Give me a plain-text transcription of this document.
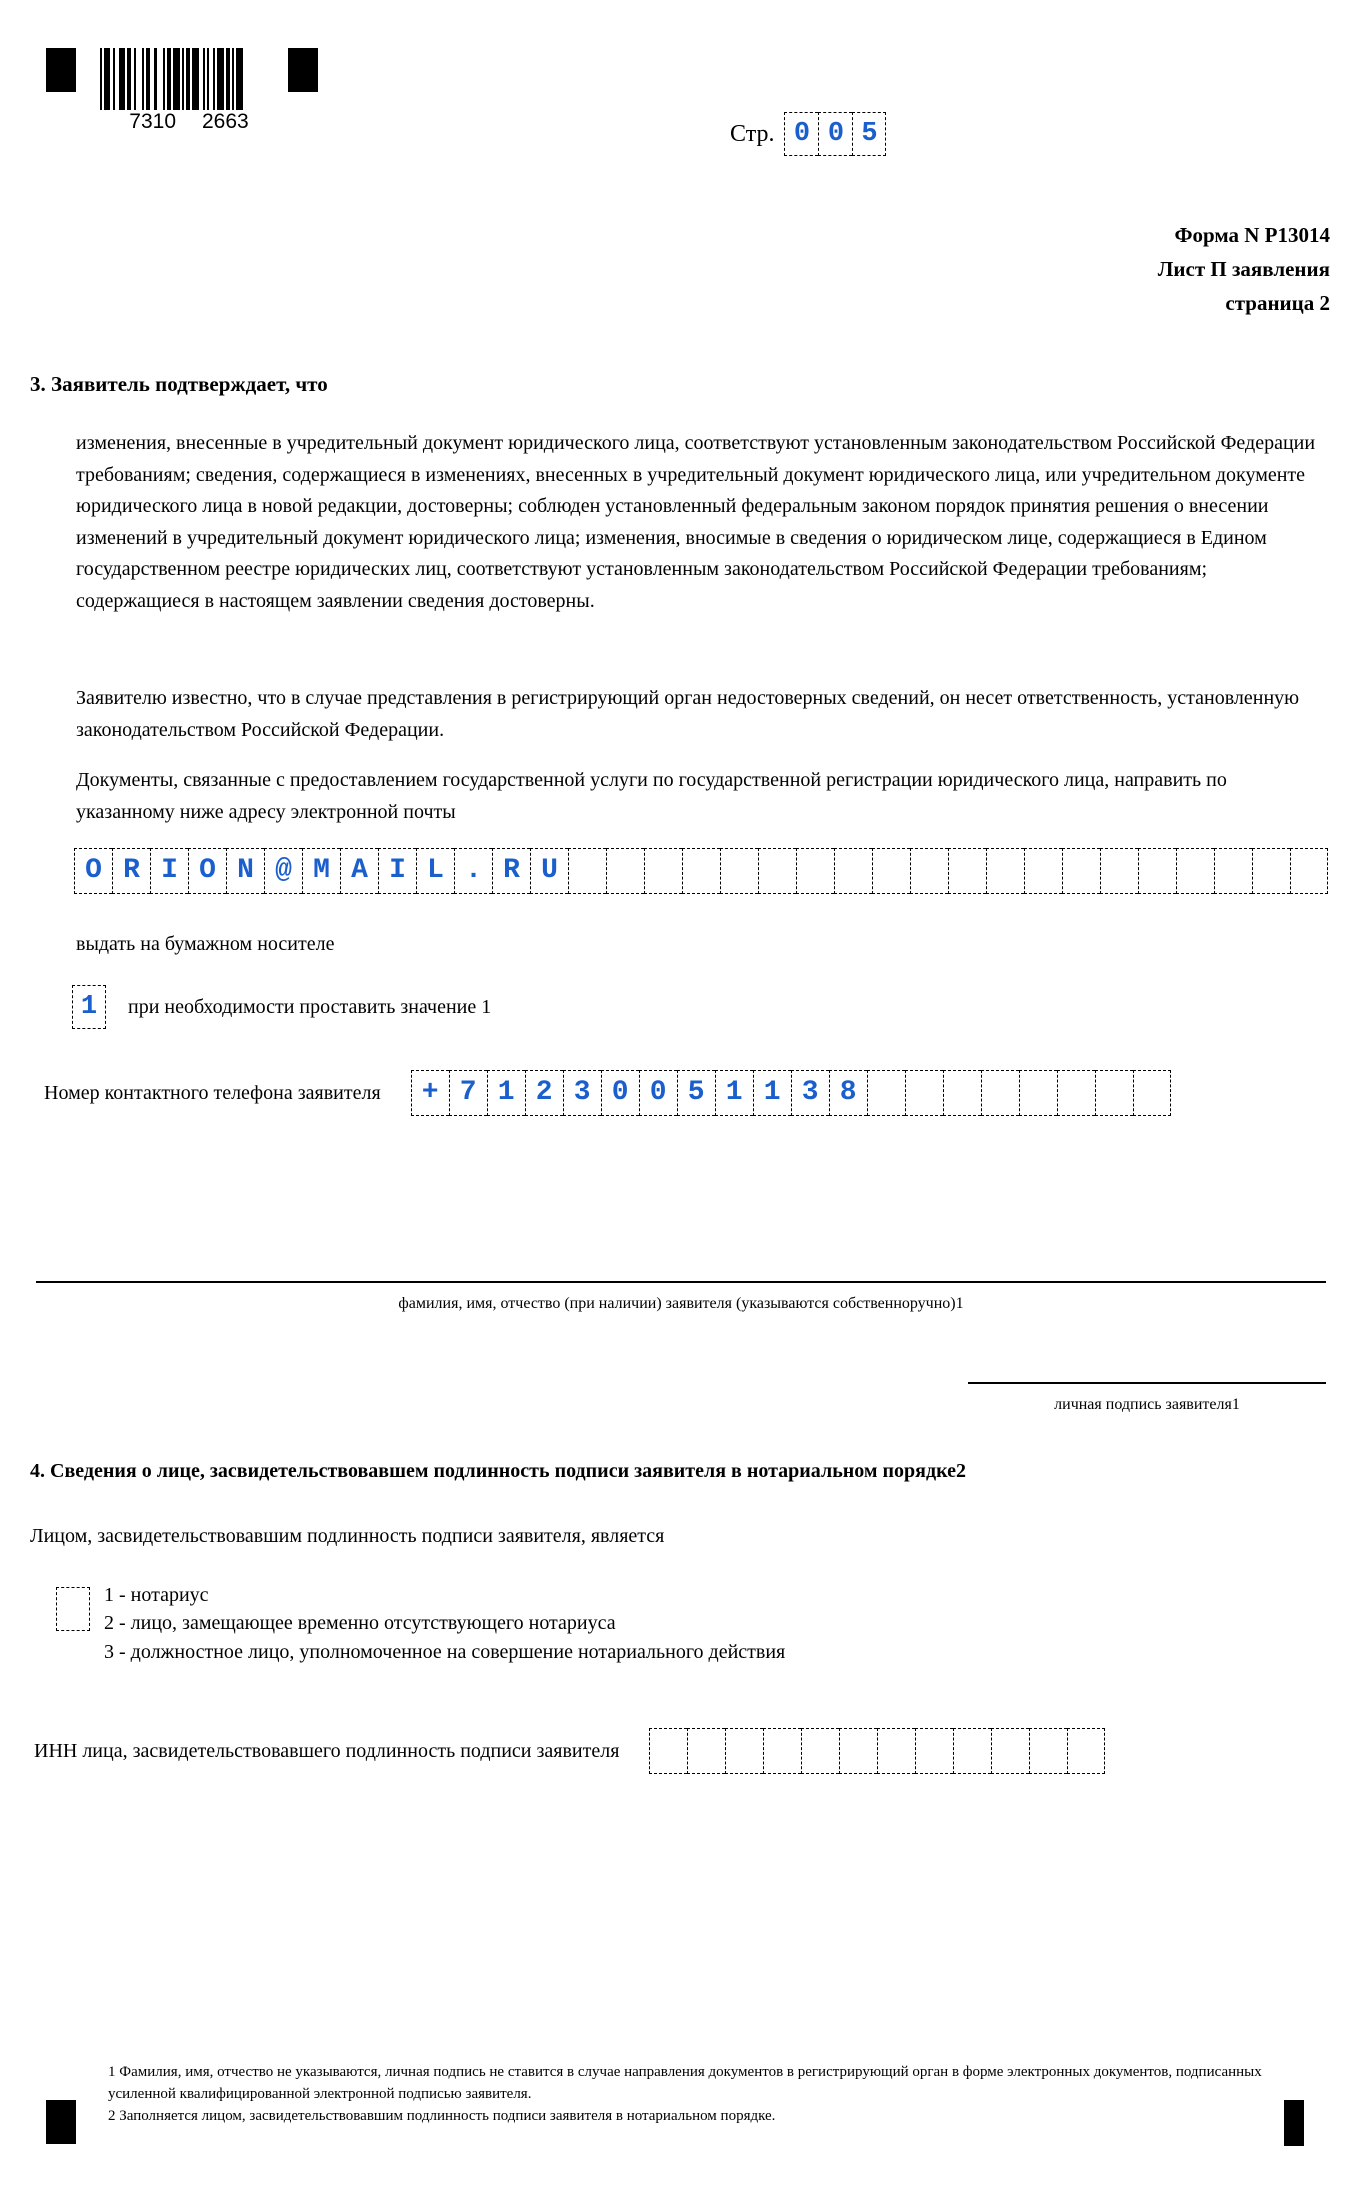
7310 2663	Стр. 0 0 5
Форма N Р13014
Лист П заявления
страница 2
3. Заявитель подтверждает, что
изменения, внесенные в учредительный документ юридического лица, соответствуют установленным законодательством Российской Федерации требованиям; сведения, содержащиеся в изменениях, внесенных в учредительный документ юридического лица, или учредительном документе юридического лица в новой редакции, достоверны; соблюден установленный федеральным законом порядок принятия решения о внесении изменений в учредительный документ юридического лица; изменения, вносимые в сведения о юридическом лице, содержащиеся в Едином государственном реестре юридических лиц, соответствуют установленным законодательством Российской Федерации требованиям; содержащиеся в настоящем заявлении сведения достоверны.
Заявителю известно, что в случае представления в регистрирующий орган недостоверных сведений, он несет ответственность, установленную законодательством Российской Федерации.
Документы, связанные с предоставлением государственной услуги по государственной регистрации юридического лица, направить по указанному ниже адресу электронной почты
O R I O N @ M A I L . R U
выдать на бумажном носителе
1	при необходимости проставить значение 1
Номер контактного телефона заявителя	+ 7 1 2 3 0 0 5 1 1 3 8
фамилия, имя, отчество (при наличии) заявителя (указываются собственноручно)1
личная подпись заявителя1
4. Сведения о лице, засвидетельствовавшем подлинность подписи заявителя в нотариальном порядке2
Лицом, засвидетельствовавшим подлинность подписи заявителя, является
1 - нотариус
2 - лицо, замещающее временно отсутствующего нотариуса
3 - должностное лицо, уполномоченное на совершение нотариального действия
ИНН лица, засвидетельствовавшего подлинность подписи заявителя

1 Фамилия, имя, отчество не указываются, личная подпись не ставится в случае направления документов в регистрирующий орган в форме электронных документов, подписанных усиленной квалифицированной электронной подписью заявителя.

2 Заполняется лицом, засвидетельствовавшим подлинность подписи заявителя в нотариальном порядке.
